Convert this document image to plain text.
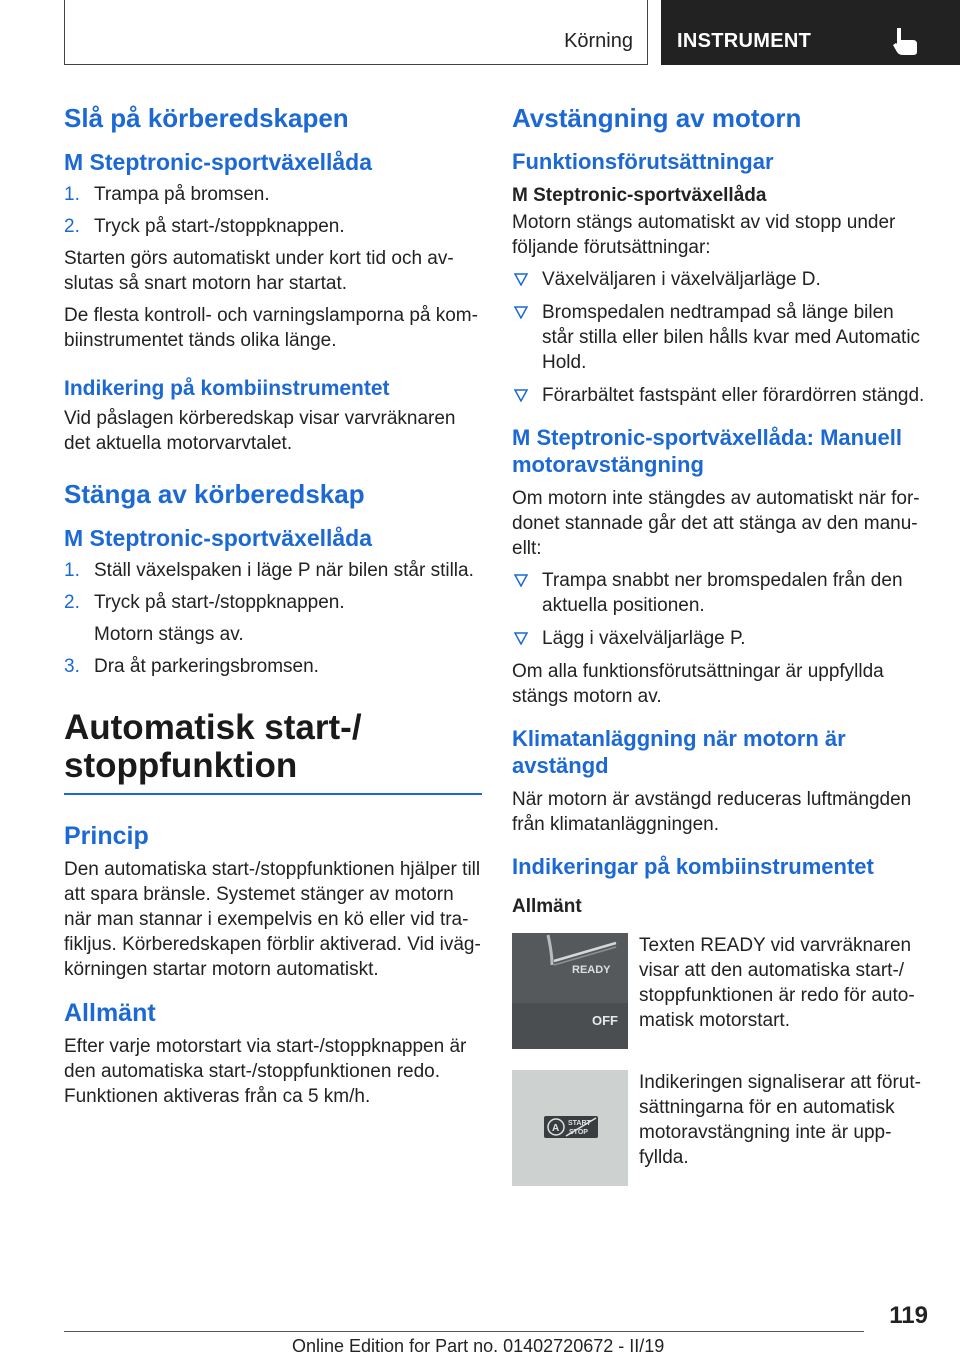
Körning INSTRUMENT
Slå på körberedskapen
M Steptronic-sportväxellåda
1. Trampa på bromsen.
2. Tryck på start-/stoppknappen.

Starten görs automatiskt under kort tid och av-slutas så snart motorn har startat.

De flesta kontroll- och varningslamporna på kom-biinstrumentet tänds olika länge.

Indikering på kombiinstrumentet

Vid påslagen körberedskap visar varvräknaren det aktuella motorvarvtalet.

Stänga av körberedskap
M Steptronic-sportväxellåda
1. Ställ växelspaken i läge P när bilen står stilla.
2. Tryck på start-/stoppknappen.
Motorn stängs av.
3. Dra åt parkeringsbromsen.
Automatisk start-/ stoppfunktion
Princip

Den automatiska start-/stoppfunktionen hjälper till att spara bränsle. Systemet stänger av motorn när man stannar i exempelvis en kö eller vid tra-fikljus. Körberedskapen förblir aktiverad. Vid iväg-körningen startar motorn automatiskt.

Allmänt

Efter varje motorstart via start-/stoppknappen är den automatiska start-/stoppfunktionen redo. Funktionen aktiveras från ca 5 km/h.

Avstängning av motorn
Funktionsförutsättningar
M Steptronic-sportväxellåda

Motorn stängs automatiskt av vid stopp under följande förutsättningar:

Växelväljaren i växelväljarläge D.
Bromspedalen nedtrampad så länge bilen står stilla eller bilen hålls kvar med Automatic Hold.
Förarbältet fastspänt eller förardörren stängd.
M Steptronic-sportväxellåda: Manuell motoravstängning

Om motorn inte stängdes av automatiskt när for-donet stannade går det att stänga av den manu-ellt:

Trampa snabbt ner bromspedalen från den aktuella positionen.
Lägg i växelväljarläge P.

Om alla funktionsförutsättningar är uppfyllda stängs motorn av.

Klimatanläggning när motorn är avstängd

När motorn är avstängd reduceras luftmängden från klimatanläggningen.

Indikeringar på kombiinstrumentet
Allmänt
READY
OFF
Texten READY vid varvräknaren visar att den automatiska start-/ stoppfunktionen är redo för auto-matisk motorstart.
A START
STOP
Indikeringen signaliserar att förut-sättningarna för en automatisk motoravstängning inte är upp-fyllda.
119
Online Edition for Part no. 01402720672 - II/19
